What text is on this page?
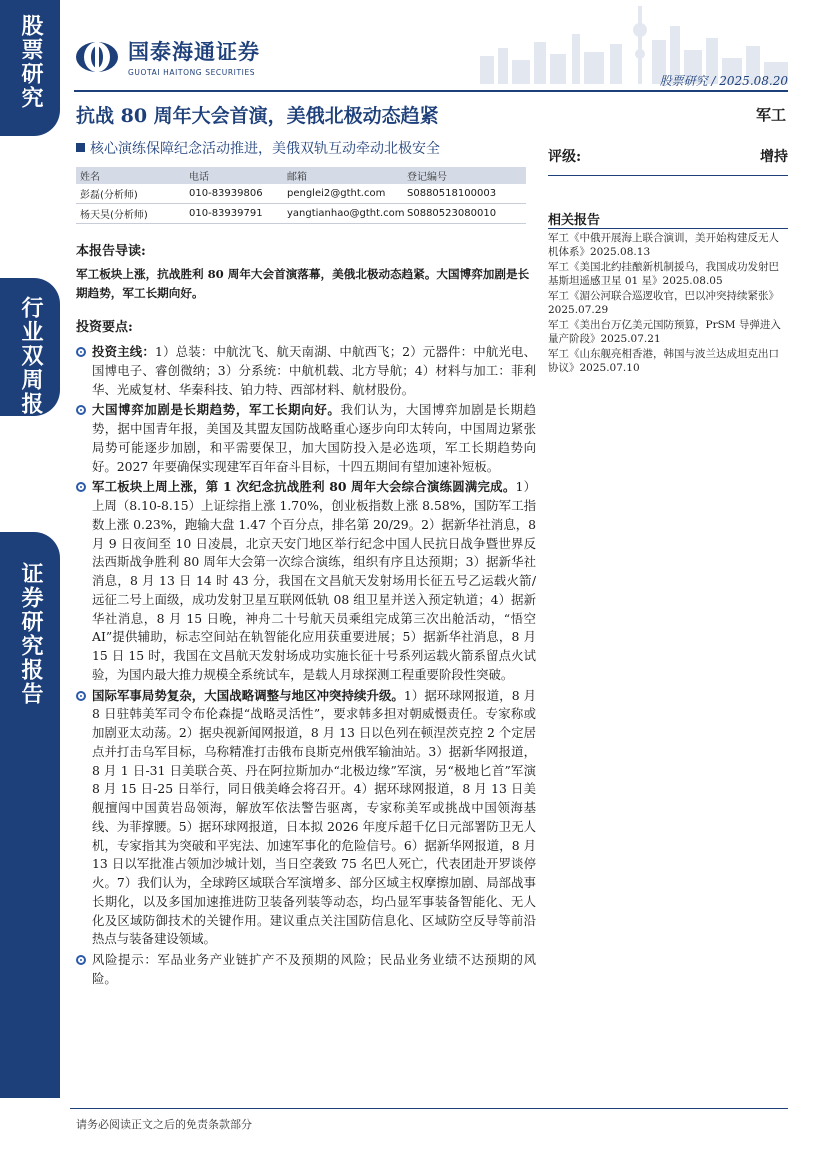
股票研究
行业双周报
证券研究报告
国泰海通证券
GUOTAI HAITONG SECURITIES
股票研究 / 2025.08.20
抗战 80 周年大会首演，美俄北极动态趋紧	军工
核心演练保障纪念活动推进，美俄双轨互动牵动北极安全	评级:	增持
姓名	电话	邮箱	登记编号
彭磊(分析师)	010-83939806	penglei2@gtht.com	S0880518100003
杨天昊(分析师)	010-83939791	yangtianhao@gtht.com S0880523080010	相关报告
军工《中俄开展海上联合演训，美开始构建反无人机体系》2025.08.13
军工《美国北约挂酿新机制援乌，我国成功发射巴基斯坦遥感卫星 01 星》2025.08.05
军工《湄公河联合巡逻收官，巴以冲突持续紧张》2025.07.29
军工《美出台万亿美元国防预算，PrSM 导弹进入量产阶段》2025.07.21
军工《山东舰亮相香港，韩国与波兰达成坦克出口协议》2025.07.10
本报告导读:
军工板块上涨，抗战胜利 80 周年大会首演落幕，美俄北极动态趋紧。大国博弈加剧是长期趋势，军工长期向好。
投资要点:
投资主线：1）总装：中航沈飞、航天南湖、中航西飞；2）元器件：中航光电、国博电子、睿创微纳；3）分系统：中航机载、北方导航；4）材料与加工：菲利华、光威复材、华秦科技、铂力特、西部材料、航材股份。
大国博弈加剧是长期趋势，军工长期向好。我们认为，大国博弈加剧是长期趋势，据中国青年报，美国及其盟友国防战略重心逐步向印太转向，中国周边紧张局势可能逐步加剧，和平需要保卫，加大国防投入是必选项，军工长期趋势向好。2027 年要确保实现建军百年奋斗目标，十四五期间有望加速补短板。
军工板块上周上涨，第 1 次纪念抗战胜利 80 周年大会综合演练圆满完成。1）上周（8.10-8.15）上证综指上涨 1.70%，创业板指数上涨 8.58%，国防军工指数上涨 0.23%，跑输大盘 1.47 个百分点，排名第 20/29。2）据新华社消息，8 月 9 日夜间至 10 日凌晨，北京天安门地区举行纪念中国人民抗日战争暨世界反法西斯战争胜利 80 周年大会第一次综合演练，组织有序且达预期；3）据新华社消息，8 月 13 日 14 时 43 分，我国在文昌航天发射场用长征五号乙运载火箭/远征二号上面级，成功发射卫星互联网低轨 08 组卫星并送入预定轨道；4）据新华社消息，8 月 15 日晚，神舟二十号航天员乘组完成第三次出舱活动，“悟空 AI”提供辅助，标志空间站在轨智能化应用获重要进展；5）据新华社消息，8 月 15 日 15 时，我国在文昌航天发射场成功实施长征十号系列运载火箭系留点火试验，为国内最大推力规模全系统试车，是载人月球探测工程重要阶段性突破。
国际军事局势复杂，大国战略调整与地区冲突持续升级。1）据环球网报道，8 月 8 日驻韩美军司令布伦森提“战略灵活性”，要求韩多担对朝威慑责任。专家称或加剧亚太动荡。2）据央视新闻网报道，8 月 13 日以色列在顿涅茨克控 2 个定居点并打击乌军目标，乌称精准打击俄布良斯克州俄军输油站。3）据新华网报道，8 月 1 日-31 日美联合英、丹在阿拉斯加办“北极边缘”军演，另“极地匕首”军演 8 月 15 日-25 日举行，同日俄美峰会将召开。4）据环球网报道，8 月 13 日美舰擅闯中国黄岩岛领海，解放军依法警告驱离，专家称美军或挑战中国领海基线、为菲撑腰。5）据环球网报道，日本拟 2026 年度斥超千亿日元部署防卫无人机，专家指其为突破和平宪法、加速军事化的危险信号。6）据新华网报道，8 月 13 日以军批准占领加沙城计划，当日空袭致 75 名巴人死亡，代表团赴开罗谈停火。7）我们认为，全球跨区域联合军演增多、部分区域主权摩擦加剧、局部战事长期化，以及多国加速推进防卫装备列装等动态，均凸显军事装备智能化、无人化及区域防御技术的关键作用。建议重点关注国防信息化、区域防空反导等前沿热点与装备建设领域。
风险提示：军品业务产业链扩产不及预期的风险；民品业务业绩不达预期的风险。
请务必阅读正文之后的免责条款部分
